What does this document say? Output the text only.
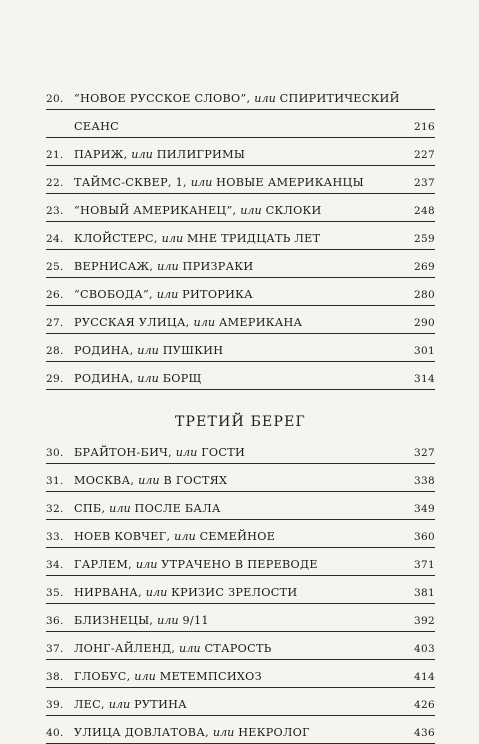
20. “НОВОЕ РУССКОЕ СЛОВО”, или СПИРИТИЧЕСКИЙ
СЕАНС	216
21. ПАРИЖ, или ПИЛИГРИМЫ	227
22. ТАЙМС-СКВЕР, 1, или НОВЫЕ АМЕРИКАНЦЫ	237
23. “НОВЫЙ АМЕРИКАНЕЦ”, или СКЛОКИ	248
24. КЛОЙСТЕРС, или МНЕ ТРИДЦАТЬ ЛЕТ	259
25. ВЕРНИСАЖ, или ПРИЗРАКИ	269
26. “СВОБОДА”, или РИТОРИКА	280
27. РУССКАЯ УЛИЦА, или АМЕРИКАНА	290
28. РОДИНА, или ПУШКИН	301
29. РОДИНА, или БОРЩ	314
ТРЕТИЙ БЕРЕГ
30. БРАЙТОН-БИЧ, или ГОСТИ	327
31. МОСКВА, или В ГОСТЯХ	338
32. СПБ, или ПОСЛЕ БАЛА	349
33. НОЕВ КОВЧЕГ, или СЕМЕЙНОЕ	360
34. ГАРЛЕМ, или УТРАЧЕНО В ПЕРЕВОДЕ	371
35. НИРВАНА, или КРИЗИС ЗРЕЛОСТИ	381
36. БЛИЗНЕЦЫ, или 9/11	392
37. ЛОНГ-АЙЛЕНД, или СТАРОСТЬ	403
38. ГЛОБУС, или МЕТЕМПСИХОЗ	414
39. ЛЕС, или РУТИНА	426
40. УЛИЦА ДОВЛАТОВА, или НЕКРОЛОГ	436
